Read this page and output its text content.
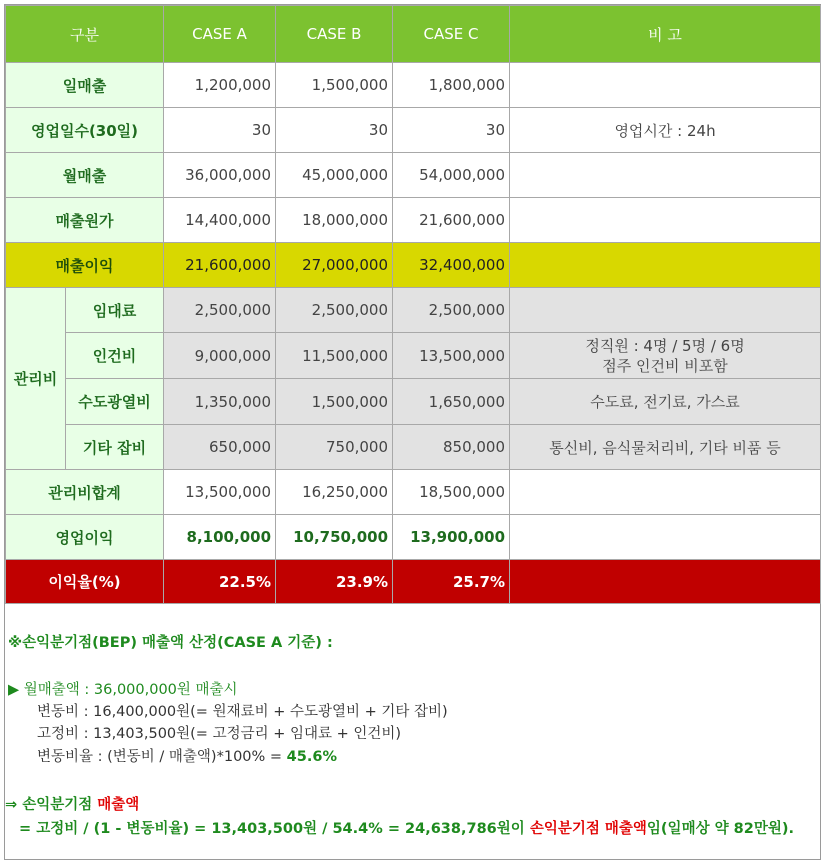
구분		CASE A	CASE B	CASE C	비 고
일매출		1,200,000	1,500,000	1,800,000	
영업일수(30일)		30	30	30	영업시간 : 24h
월매출		36,000,000	45,000,000	54,000,000	
매출원가		14,400,000	18,000,000	21,600,000	
매출이익		21,600,000	27,000,000	32,400,000	
관리비	임대료	2,500,000	2,500,000	2,500,000	
	인건비	9,000,000	11,500,000	13,500,000	정직원 : 4명 / 5명 / 6명
점주 인건비 비포함

	수도광열비	1,350,000	1,500,000	1,650,000	수도료, 전기료, 가스료
	기타 잡비	650,000	750,000	850,000	통신비, 음식물처리비, 기타 비품 등
관리비합계		13,500,000	16,250,000	18,500,000	
영업이익		8,100,000	10,750,000	13,900,000	
이익율(%)		22.5%	23.9%	25.7%	
※손익분기점(BEP) 매출액 산정(CASE A 기준) :
▶ 월매출액 : 36,000,000원 매출시
변동비 : 16,400,000원(= 원재료비 + 수도광열비 + 기타 잡비)
고정비 : 13,403,500원(= 고정금리 + 임대료 + 인건비)
변동비율 : (변동비 / 매출액)*100% = 45.6%
⇒ 손익분기점 매출액
= 고정비 / (1 - 변동비율) = 13,403,500원 / 54.4% = 24,638,786원이 손익분기점 매출액임(일매상 약 82만원).
